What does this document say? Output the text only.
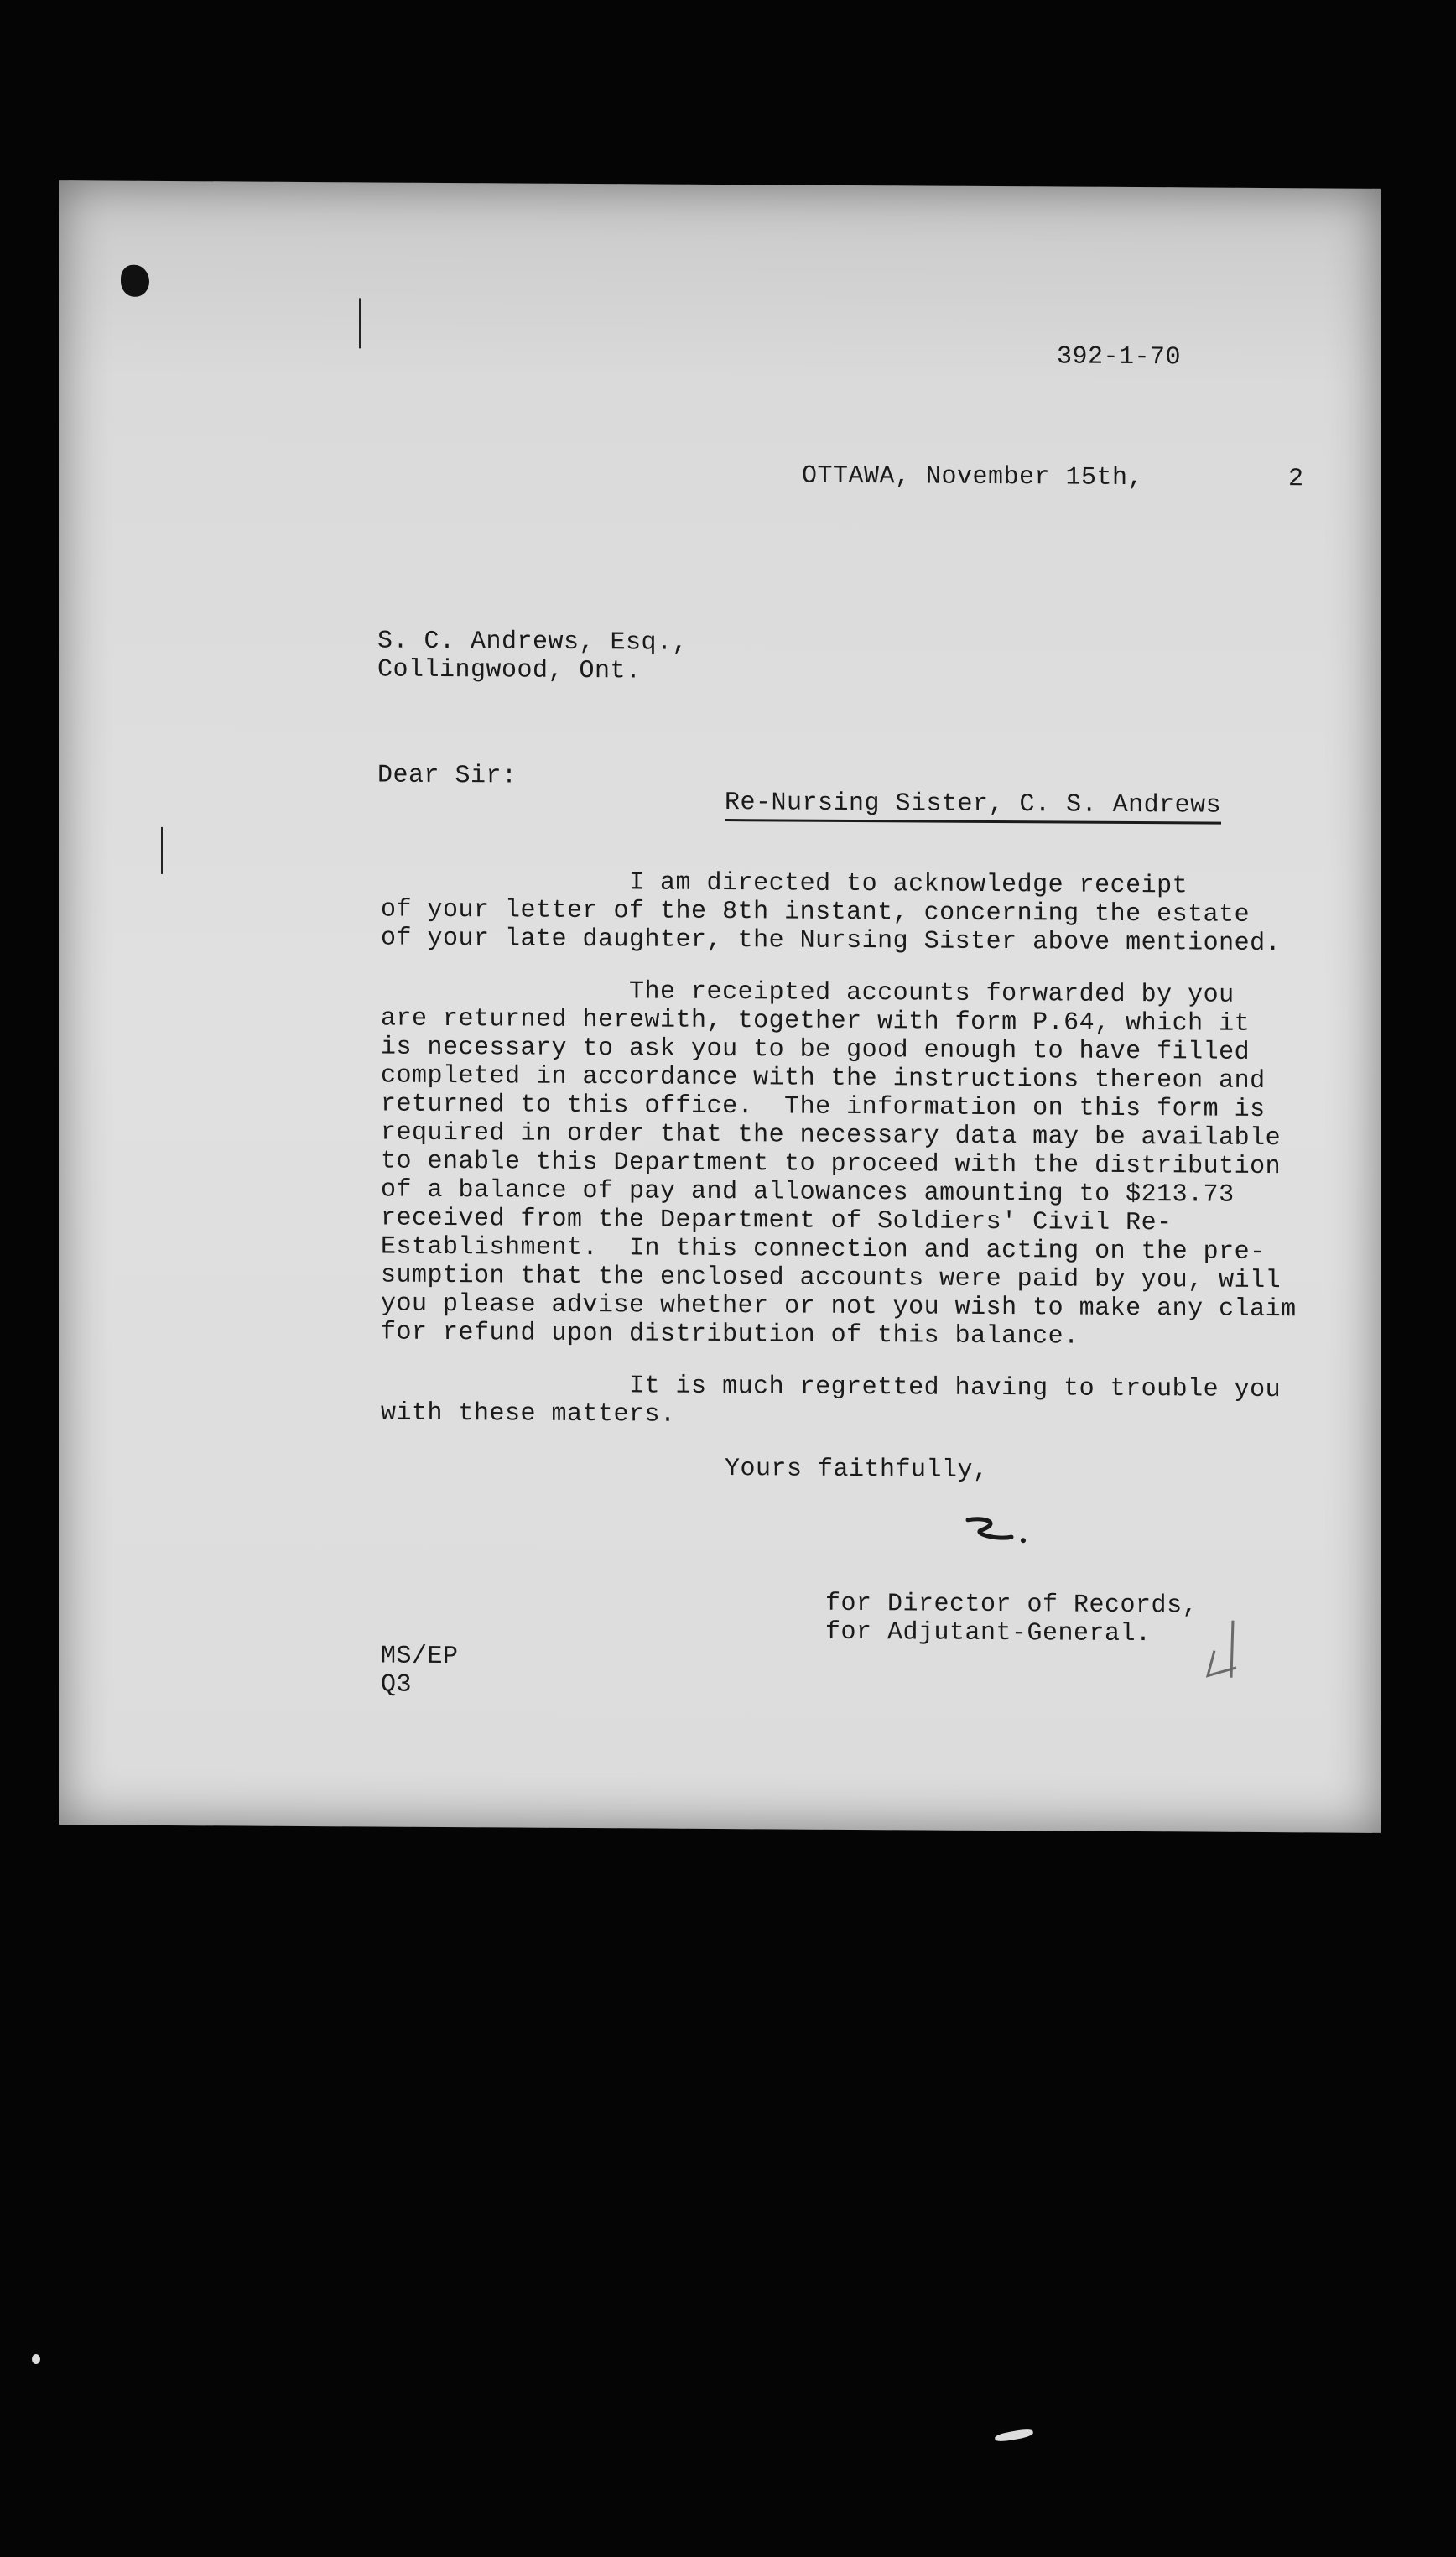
392-1-70
OTTAWA, November 15th,	2
S. C. Andrews, Esq.,
Collingwood, Ont.
Dear Sir:
Re-Nursing Sister, C. S. Andrews
I am directed to acknowledge receipt
of your letter of the 8th instant, concerning the estate
of your late daughter, the Nursing Sister above mentioned.
The receipted accounts forwarded by you
are returned herewith, together with form P.64, which it
is necessary to ask you to be good enough to have filled
completed in accordance with the instructions thereon and
returned to this office.  The information on this form is
required in order that the necessary data may be available
to enable this Department to proceed with the distribution
of a balance of pay and allowances amounting to $213.73
received from the Department of Soldiers' Civil Re-
Establishment.  In this connection and acting on the pre-
sumption that the enclosed accounts were paid by you, will
you please advise whether or not you wish to make any claim
for refund upon distribution of this balance.
It is much regretted having to trouble you
with these matters.
Yours faithfully,
for Director of Records,
for Adjutant-General.
MS/EP
Q3
